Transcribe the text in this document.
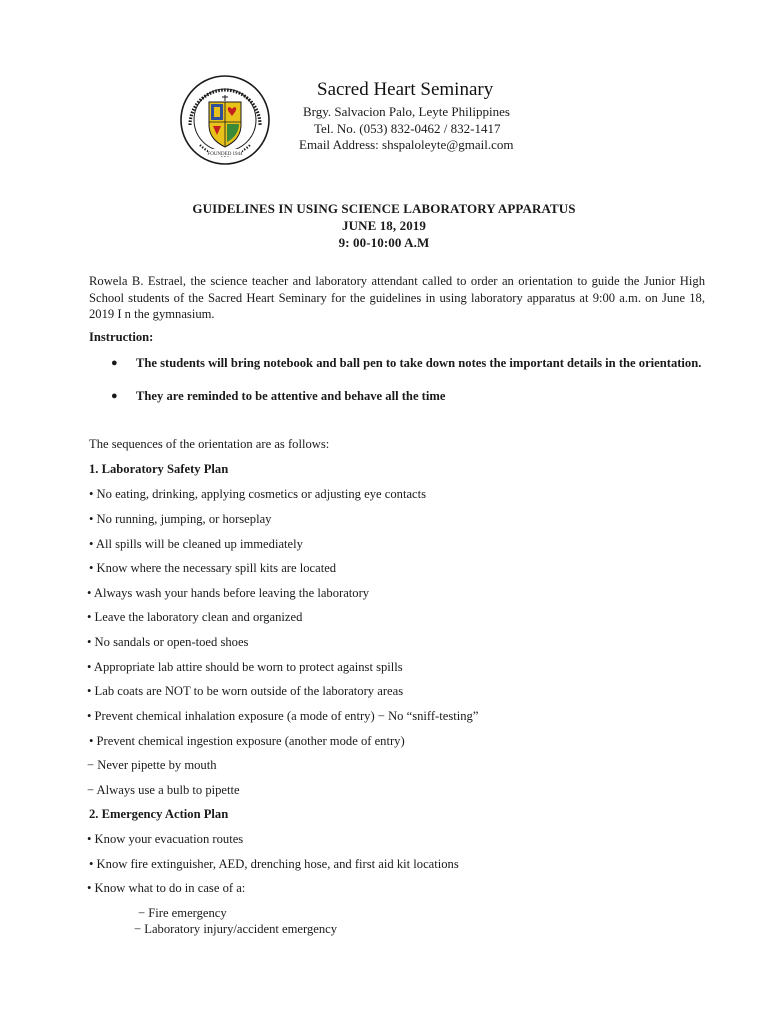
FOUNDED 1944
Sacred Heart Seminary
Brgy. Salvacion Palo, Leyte Philippines
Tel. No. (053) 832-0462 / 832-1417
Email Address: shspaloleyte@gmail.com
GUIDELINES IN USING SCIENCE LABORATORY APPARATUS
JUNE 18, 2019
9: 00-10:00 A.M
Rowela B. Estrael, the science teacher and laboratory attendant called to order an orientation to guide the Junior High School students of the Sacred Heart Seminary for the guidelines in using laboratory apparatus at 9:00 a.m. on June 18, 2019 I n the gymnasium.
Instruction:
● The students will bring notebook and ball pen to take down notes the important details in the orientation.
● They are reminded to be attentive and behave all the time
The sequences of the orientation are as follows:
1. Laboratory Safety Plan
• No eating, drinking, applying cosmetics or adjusting eye contacts
• No running, jumping, or horseplay
• All spills will be cleaned up immediately
• Know where the necessary spill kits are located
• Always wash your hands before leaving the laboratory
• Leave the laboratory clean and organized
• No sandals or open-toed shoes
• Appropriate lab attire should be worn to protect against spills
• Lab coats are NOT to be worn outside of the laboratory areas
• Prevent chemical inhalation exposure (a mode of entry) − No “sniff-testing”
• Prevent chemical ingestion exposure (another mode of entry)
− Never pipette by mouth
− Always use a bulb to pipette
2. Emergency Action Plan
• Know your evacuation routes
• Know fire extinguisher, AED, drenching hose, and first aid kit locations
• Know what to do in case of a:
− Fire emergency
− Laboratory injury/accident emergency
